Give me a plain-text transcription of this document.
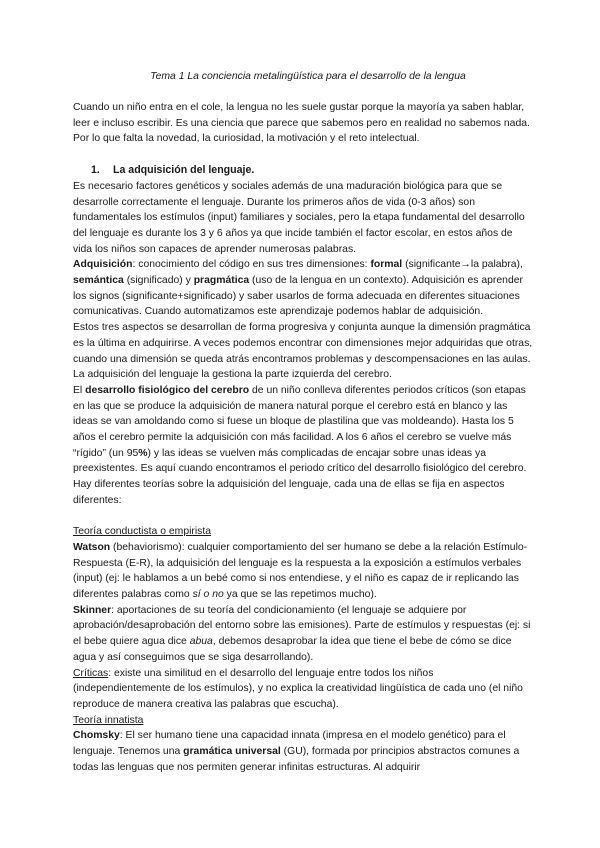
Tema 1 La conciencia metalingüística para el desarrollo de la lengua

Cuando un niño entra en el cole, la lengua no les suele gustar porque la mayoría ya saben hablar, leer e incluso escribir. Es una ciencia que parece que sabemos pero en realidad no sabemos nada. Por lo que falta la novedad, la curiosidad, la motivación y el reto intelectual.

1. La adquisición del lenguaje.

Es necesario factores genéticos y sociales además de una maduración biológica para que se desarrolle correctamente el lenguaje. Durante los primeros años de vida (0-3 años) son fundamentales los estímulos (input) familiares y sociales, pero la etapa fundamental del desarrollo del lenguaje es durante los 3 y 6 años ya que incide también el factor escolar, en estos años de vida los niños son capaces de aprender numerosas palabras.

Adquisición: conocimiento del código en sus tres dimensiones: formal (significante→la palabra), semántica (significado) y pragmática (uso de la lengua en un contexto). Adquisición es aprender los signos (significante+significado) y saber usarlos de forma adecuada en diferentes situaciones comunicativas. Cuando automatizamos este aprendizaje podemos hablar de adquisición.

Estos tres aspectos se desarrollan de forma progresiva y conjunta aunque la dimensión pragmática es la última en adquirirse. A veces podemos encontrar con dimensiones mejor adquiridas que otras, cuando una dimensión se queda atrás encontramos problemas y descompensaciones en las aulas. La adquisición del lenguaje la gestiona la parte izquierda del cerebro.

El desarrollo fisiológico del cerebro de un niño conlleva diferentes periodos críticos (son etapas en las que se produce la adquisición de manera natural porque el cerebro está en blanco y las ideas se van amoldando como si fuese un bloque de plastilina que vas moldeando). Hasta los 5 años el cerebro permite la adquisición con más facilidad. A los 6 años el cerebro se vuelve más “rígido” (un 95%) y las ideas se vuelven más complicadas de encajar sobre unas ideas ya preexistentes. Es aquí cuando encontramos el periodo crítico del desarrollo fisiológico del cerebro.

Hay diferentes teorías sobre la adquisición del lenguaje, cada una de ellas se fija en aspectos diferentes:

Teoría conductista o empirista

Watson (behaviorismo): cualquier comportamiento del ser humano se debe a la relación Estímulo-Respuesta (E-R), la adquisición del lenguaje es la respuesta a la exposición a estímulos verbales (input) (ej: le hablamos a un bebé como si nos entendiese, y el niño es capaz de ir replicando las diferentes palabras como sí o no ya que se las repetimos mucho).

Skinner: aportaciones de su teoría del condicionamiento (el lenguaje se adquiere por aprobación/desaprobación del entorno sobre las emisiones). Parte de estímulos y respuestas (ej: si el bebe quiere agua dice abua, debemos desaprobar la idea que tiene el bebe de cómo se dice agua y así conseguimos que se siga desarrollando).

Críticas: existe una similitud en el desarrollo del lenguaje entre todos los niños (independientemente de los estímulos), y no explica la creatividad lingüística de cada uno (el niño reproduce de manera creativa las palabras que escucha).

Teoría innatista

Chomsky: El ser humano tiene una capacidad innata (impresa en el modelo genético) para el lenguaje. Tenemos una gramática universal (GU), formada por principios abstractos comunes a todas las lenguas que nos permiten generar infinitas estructuras. Al adquirir
